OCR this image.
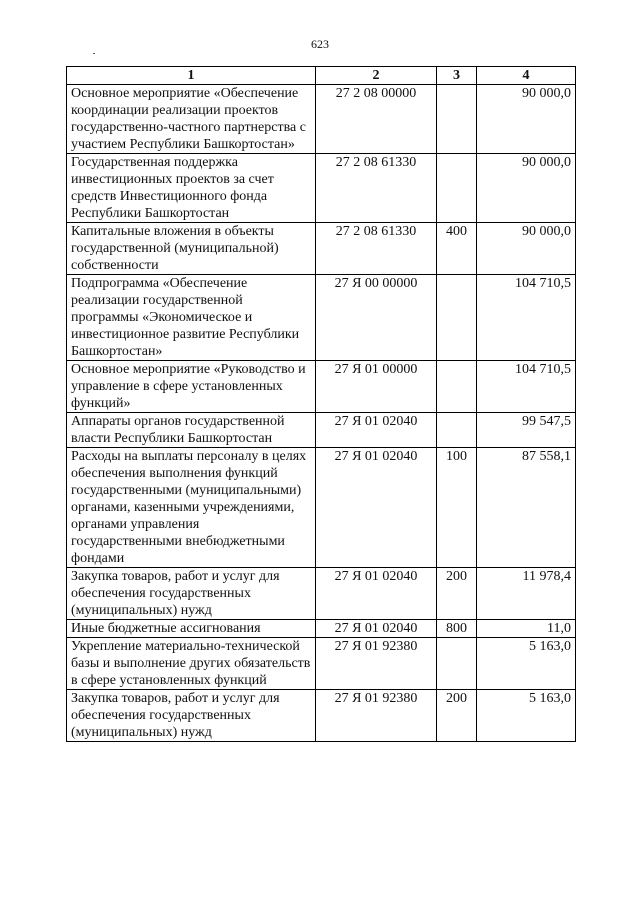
623
1	2	3	4
Основное мероприятие «Обеспечение координации реализации проектов государственно-частного партнерства с участием Республики Башкортостан»	27 2 08 00000		90 000,0
Государственная поддержка инвестиционных проектов за счет средств Инвестиционного фонда Республики Башкортостан	27 2 08 61330		90 000,0
Капитальные вложения в объекты государственной (муниципальной) собственности	27 2 08 61330	400	90 000,0
Подпрограмма «Обеспечение реализации государственной программы «Экономическое и инвестиционное развитие Республики Башкортостан»	27 Я 00 00000		104 710,5
Основное мероприятие «Руководство и управление в сфере установленных функций»	27 Я 01 00000		104 710,5
Аппараты органов государственной власти Республики Башкортостан	27 Я 01 02040		99 547,5
Расходы на выплаты персоналу в целях обеспечения выполнения функций государственными (муниципальными) органами, казенными учреждениями, органами управления государственными внебюджетными фондами	27 Я 01 02040	100	87 558,1
Закупка товаров, работ и услуг для обеспечения государственных (муниципальных) нужд	27 Я 01 02040	200	11 978,4
Иные бюджетные ассигнования	27 Я 01 02040	800	11,0
Укрепление материально-технической базы и выполнение других обязательств в сфере установленных функций	27 Я 01 92380		5 163,0
Закупка товаров, работ и услуг для обеспечения государственных (муниципальных) нужд	27 Я 01 92380	200	5 163,0
